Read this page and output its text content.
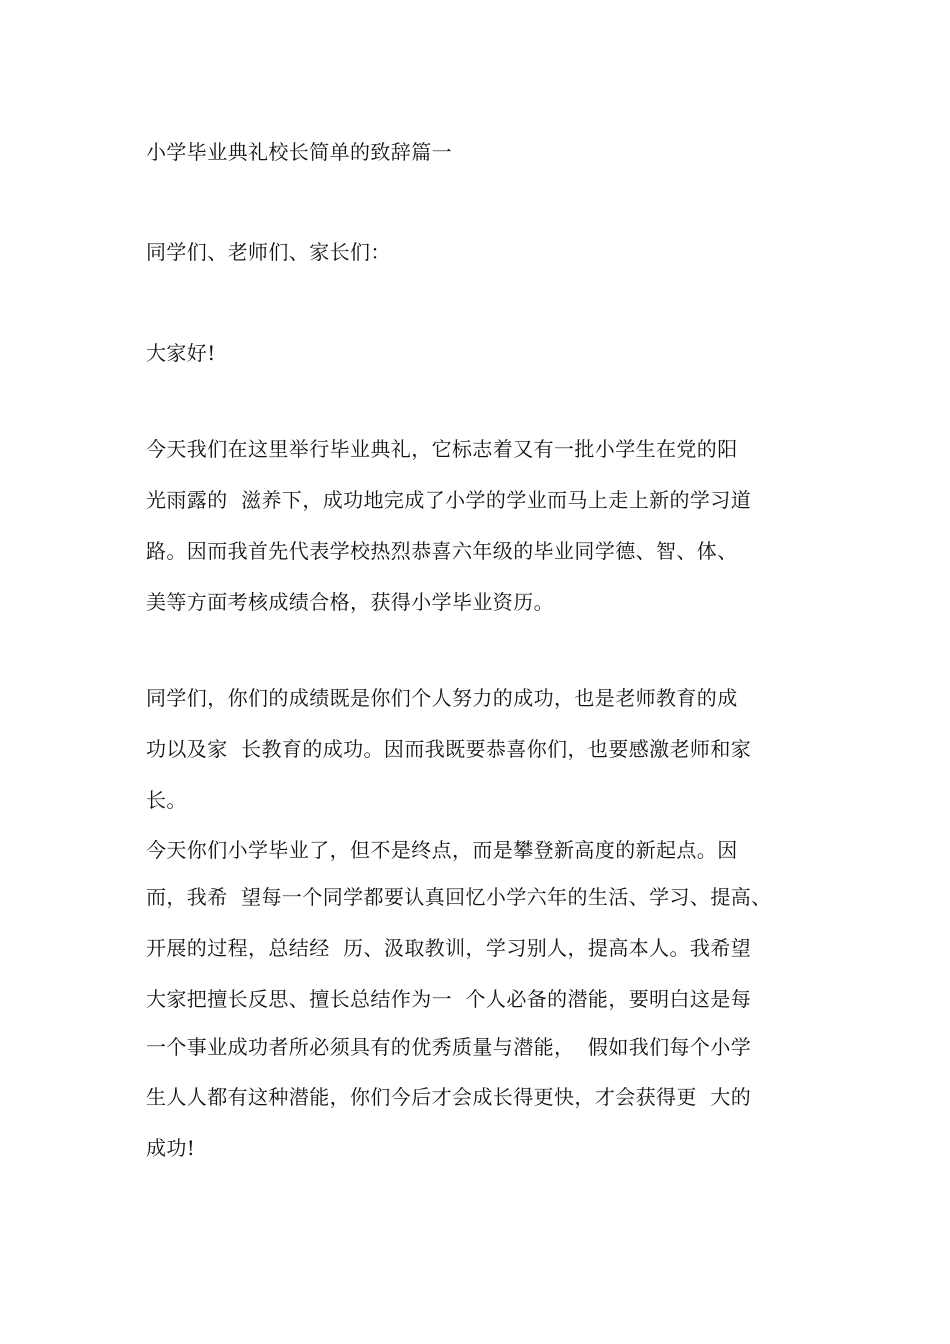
小学毕业典礼校长简单的致辞篇一
同学们、老师们、家长们：
大家好!
今天我们在这里举行毕业典礼，它标志着又有一批小学生在党的阳
光雨露的  滋养下，成功地完成了小学的学业而马上走上新的学习道
路。因而我首先代表学校热烈恭喜六年级的毕业同学德、智、体、
美等方面考核成绩合格，获得小学毕业资历。
同学们，你们的成绩既是你们个人努力的成功，也是老师教育的成
功以及家  长教育的成功。因而我既要恭喜你们，也要感激老师和家
长。
今天你们小学毕业了，但不是终点，而是攀登新高度的新起点。因
而，我希  望每一个同学都要认真回忆小学六年的生活、学习、提高、
开展的过程，总结经  历、汲取教训，学习别人，提高本人。我希望
大家把擅长反思、擅长总结作为一  个人必备的潜能，要明白这是每
一个事业成功者所必须具有的优秀质量与潜能，  假如我们每个小学
生人人都有这种潜能，你们今后才会成长得更快，才会获得更  大的
成功!
